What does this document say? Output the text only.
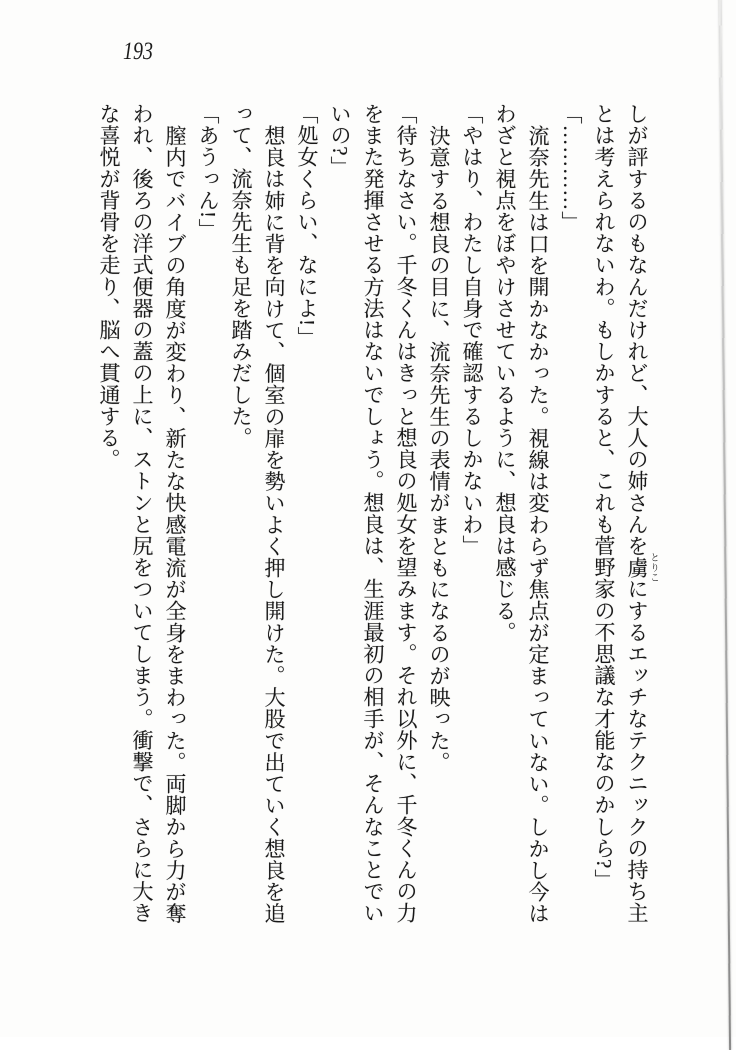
193

しが評するのもなんだけれど、大人の姉さんを虜 とりこにするエッチなテクニックの持ち主

とは考えられないわ。もしかすると、これも菅野家の不思議な才能なのかしら?」

「…………」

流奈先生は口を開かなかった。視線は変わらず焦点が定まっていない。しかし今は

わざと視点をぼやけさせているように、想良は感じる。

「やはり、わたし自身で確認するしかないわ」

決意する想良の目に、流奈先生の表情がまともになるのが映った。

「待ちなさい。千冬くんはきっと想良の処女を望みます。それ以外に、千冬くんの力

をまた発揮させる方法はないでしょう。想良は、生涯最初の相手が、そんなことでい

いの?」

「処女くらい、なによ!」

想良は姉に背を向けて、個室の扉を勢いよく押し開けた。大股で出ていく想良を追

って、流奈先生も足を踏みだした。

「あうっん!」

膣内でバイブの角度が変わり、新たな快感電流が全身をまわった。両脚から力が奪

われ、後ろの洋式便器の蓋の上に、ストンと尻をついてしまう。衝撃で、さらに大き

な喜悦が背骨を走り、脳へ貫通する。
